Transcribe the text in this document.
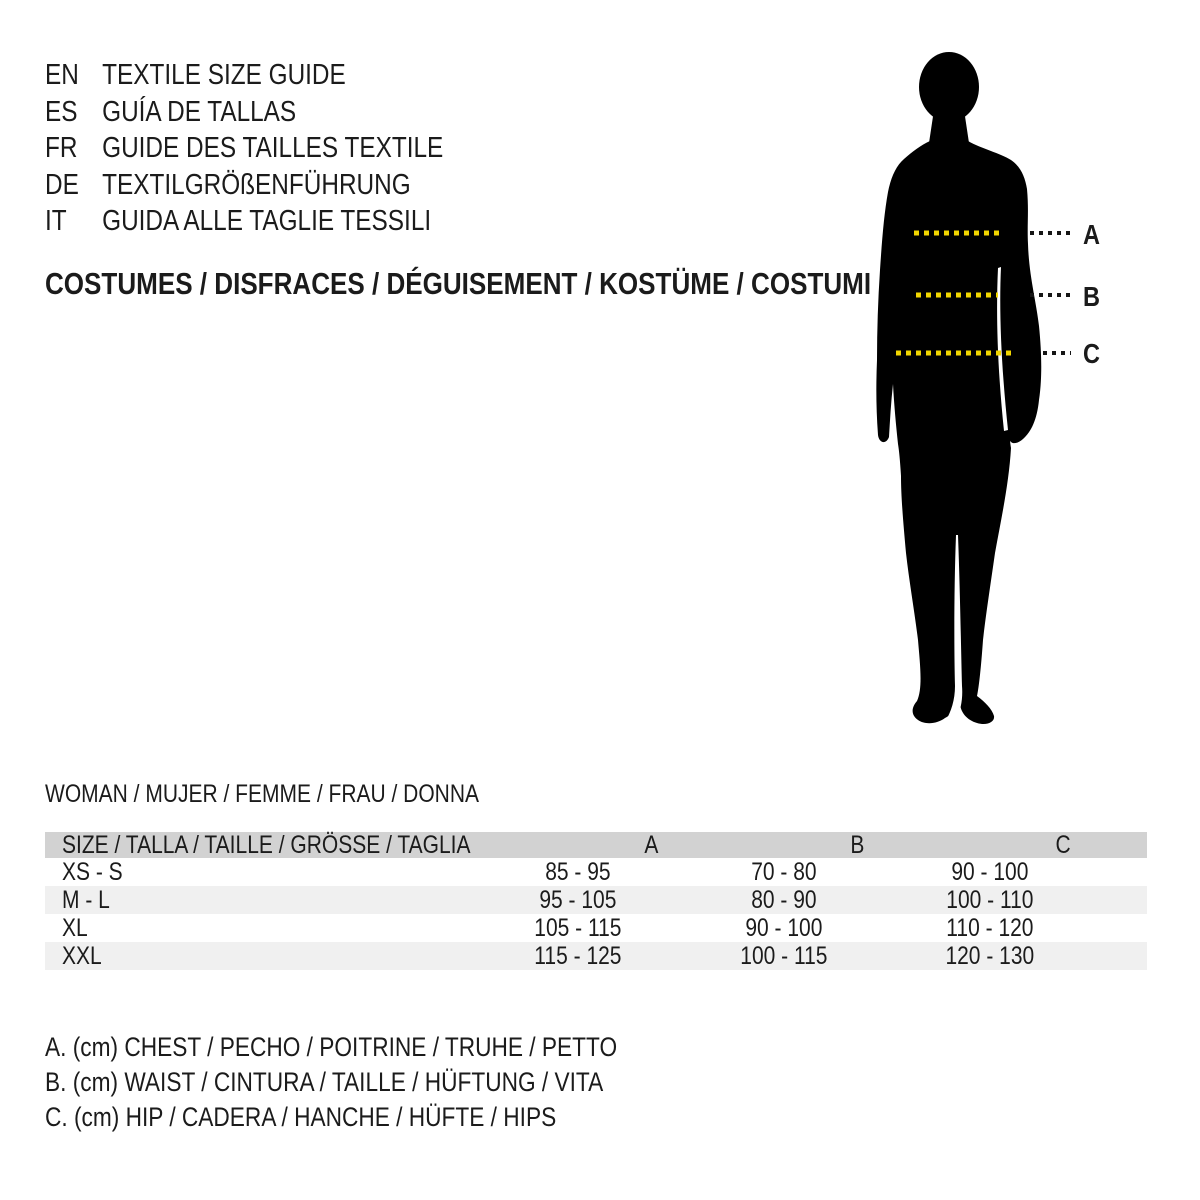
EN TEXTILE SIZE GUIDE
ES GUÍA DE TALLAS
FR GUIDE DES TAILLES TEXTILE
DE TEXTILGRÖßENFÜHRUNG
IT GUIDA ALLE TAGLIE TESSILI
COSTUMES / DISFRACES / DÉGUISEMENT / KOSTÜME / COSTUMI
A
B
C
WOMAN / MUJER / FEMME / FRAU / DONNA
SIZE / TALLA / TAILLE / GRÖSSE / TAGLIA	A	B	C
XS - S	85 - 95	70 - 80	90 - 100
M - L	95 - 105	80 - 90	100 - 110
XL	105 - 115	90 - 100	110 - 120
XXL	115 - 125	100 - 115	120 - 130
A. (cm) CHEST / PECHO / POITRINE / TRUHE / PETTO
B. (cm) WAIST / CINTURA / TAILLE / HÜFTUNG / VITA
C. (cm) HIP / CADERA / HANCHE / HÜFTE / HIPS
